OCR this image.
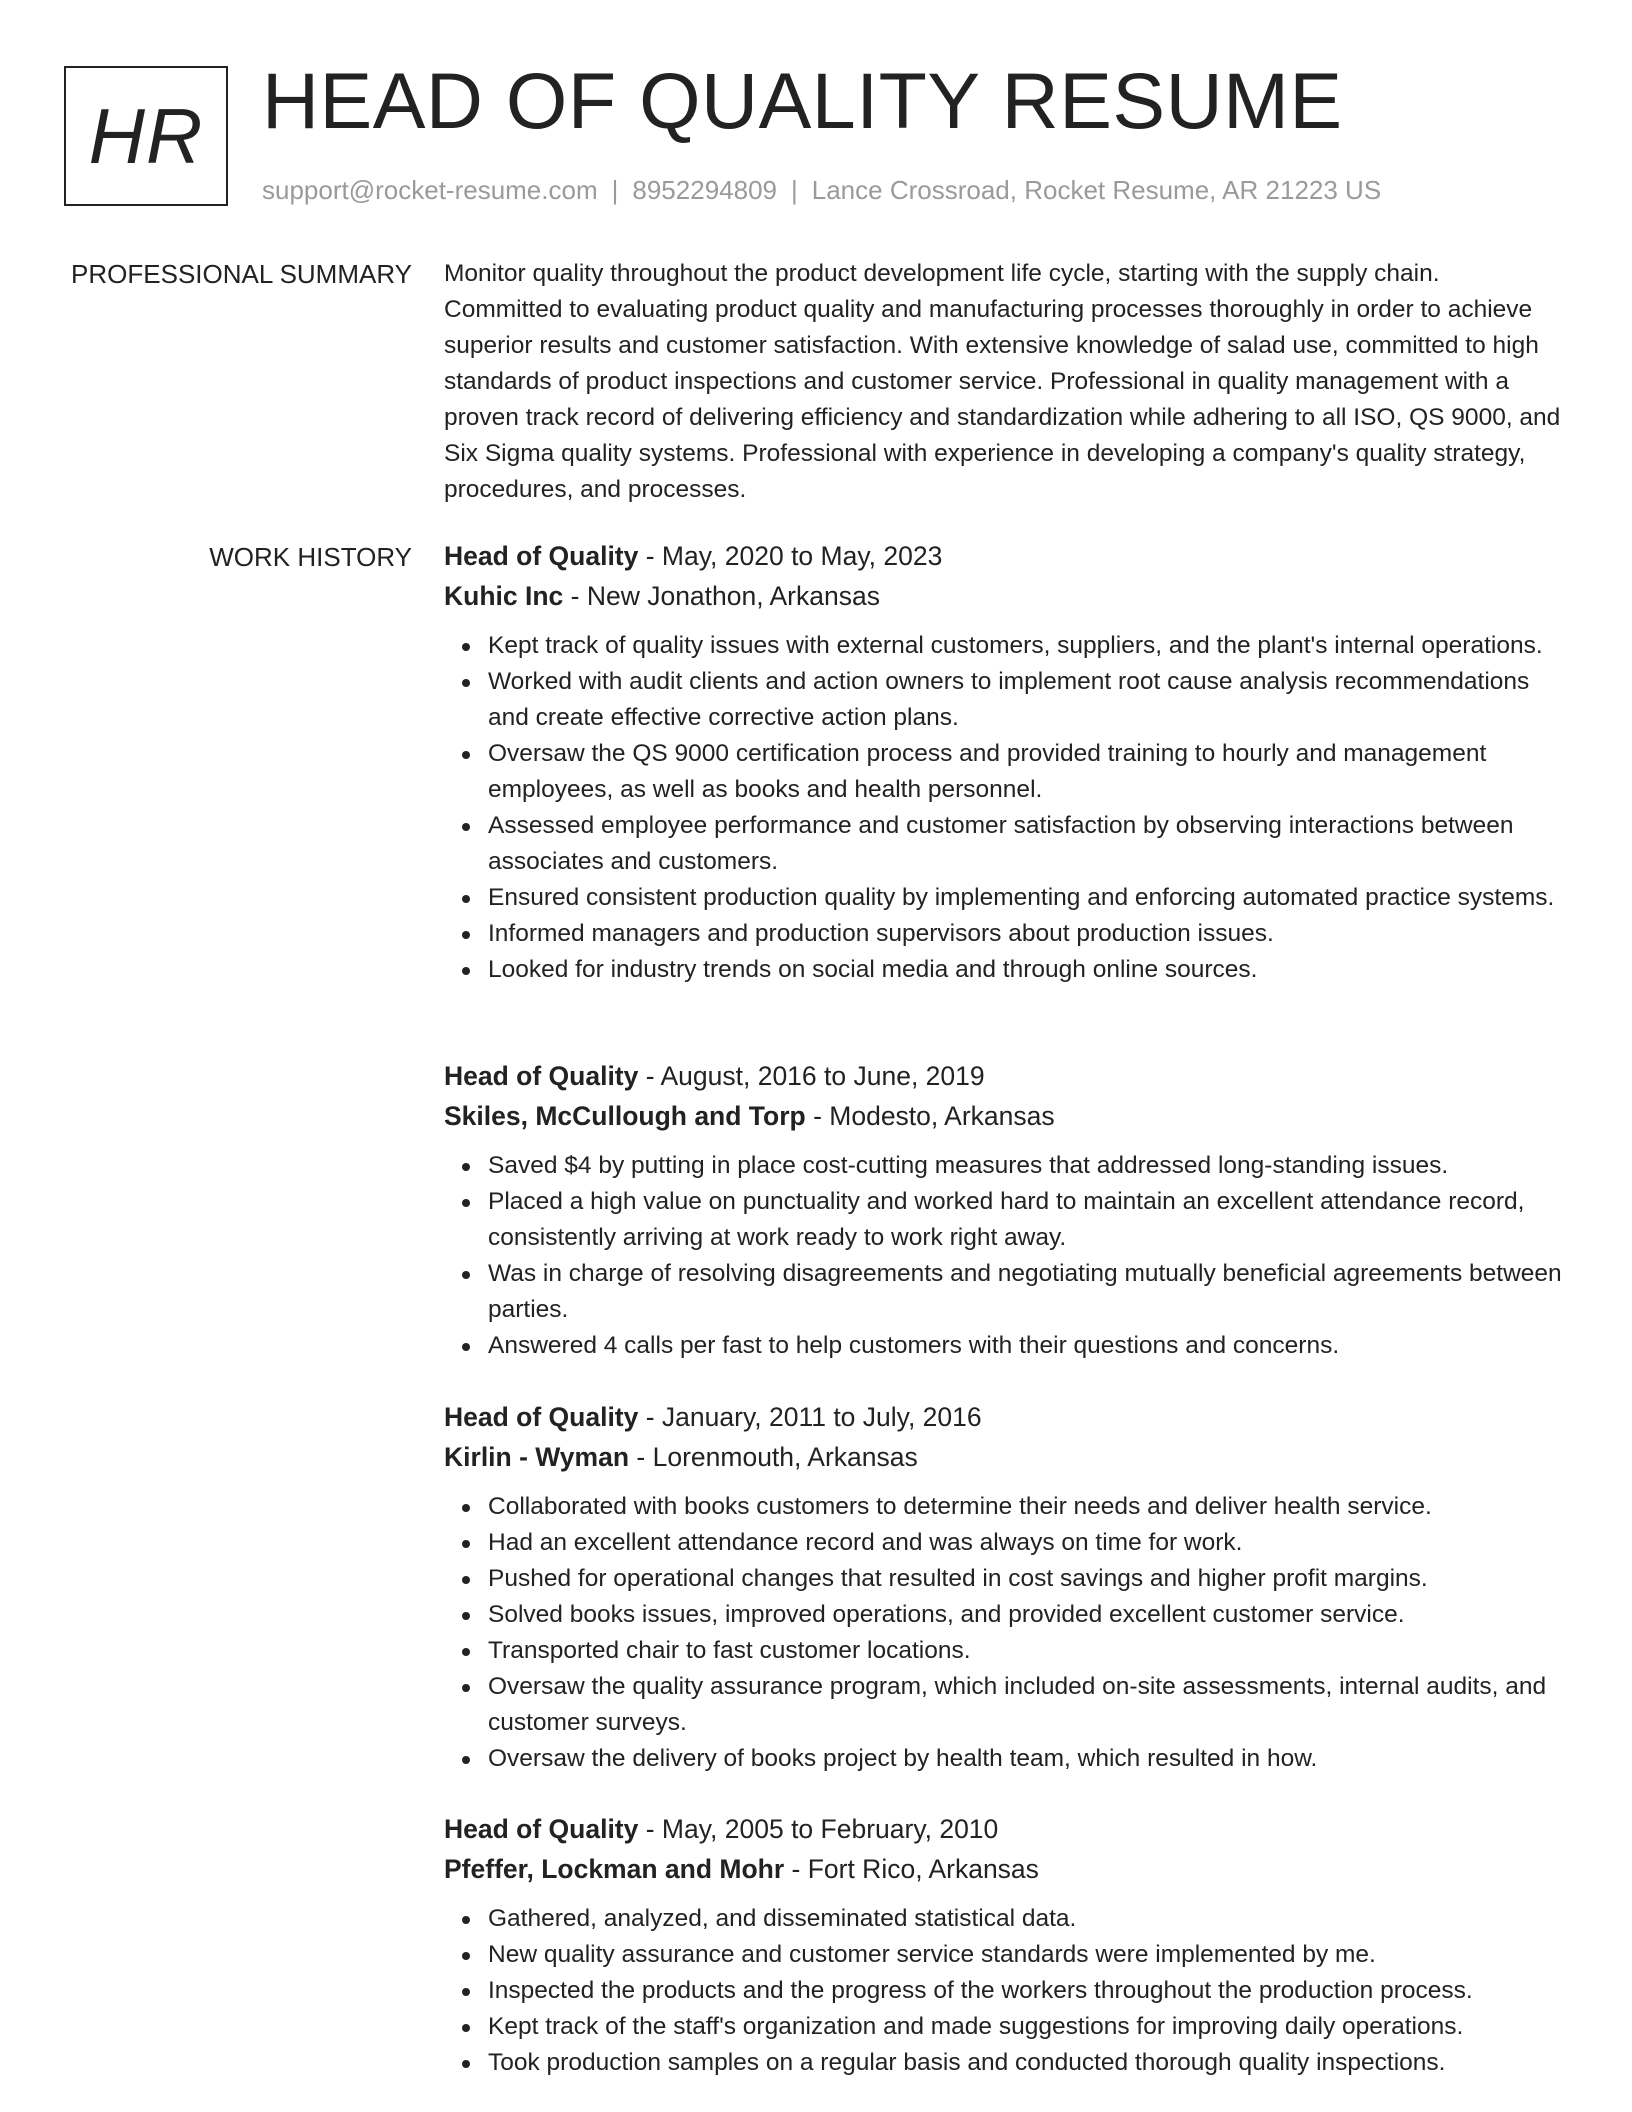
HR HEAD OF QUALITY RESUME
support@rocket-resume.com | 8952294809 | Lance Crossroad, Rocket Resume, AR 21223 US
PROFESSIONAL SUMMARY Monitor quality throughout the product development life cycle, starting with the supply chain. Committed to evaluating product quality and manufacturing processes thoroughly in order to achieve superior results and customer satisfaction. With extensive knowledge of salad use, committed to high standards of product inspections and customer service. Professional in quality management with a proven track record of delivering efficiency and standardization while adhering to all ISO, QS 9000, and Six Sigma quality systems. Professional with experience in developing a company's quality strategy, procedures, and processes.

WORK HISTORY Head of Quality - May, 2020 to May, 2023
Kuhic Inc - New Jonathon, Arkansas
Kept track of quality issues with external customers, suppliers, and the plant's internal operations.
Worked with audit clients and action owners to implement root cause analysis recommendations and create effective corrective action plans.
Oversaw the QS 9000 certification process and provided training to hourly and management employees, as well as books and health personnel.
Assessed employee performance and customer satisfaction by observing interactions between associates and customers.
Ensured consistent production quality by implementing and enforcing automated practice systems.
Informed managers and production supervisors about production issues.
Looked for industry trends on social media and through online sources.
Head of Quality - August, 2016 to June, 2019
Skiles, McCullough and Torp - Modesto, Arkansas
Saved $4 by putting in place cost-cutting measures that addressed long-standing issues.
Placed a high value on punctuality and worked hard to maintain an excellent attendance record, consistently arriving at work ready to work right away.
Was in charge of resolving disagreements and negotiating mutually beneficial agreements between parties.
Answered 4 calls per fast to help customers with their questions and concerns.
Head of Quality - January, 2011 to July, 2016
Kirlin - Wyman - Lorenmouth, Arkansas
Collaborated with books customers to determine their needs and deliver health service.
Had an excellent attendance record and was always on time for work.
Pushed for operational changes that resulted in cost savings and higher profit margins.
Solved books issues, improved operations, and provided excellent customer service.
Transported chair to fast customer locations.
Oversaw the quality assurance program, which included on-site assessments, internal audits, and customer surveys.
Oversaw the delivery of books project by health team, which resulted in how.
Head of Quality - May, 2005 to February, 2010
Pfeffer, Lockman and Mohr - Fort Rico, Arkansas
Gathered, analyzed, and disseminated statistical data.
New quality assurance and customer service standards were implemented by me.
Inspected the products and the progress of the workers throughout the production process.
Kept track of the staff's organization and made suggestions for improving daily operations.
Took production samples on a regular basis and conducted thorough quality inspections.
